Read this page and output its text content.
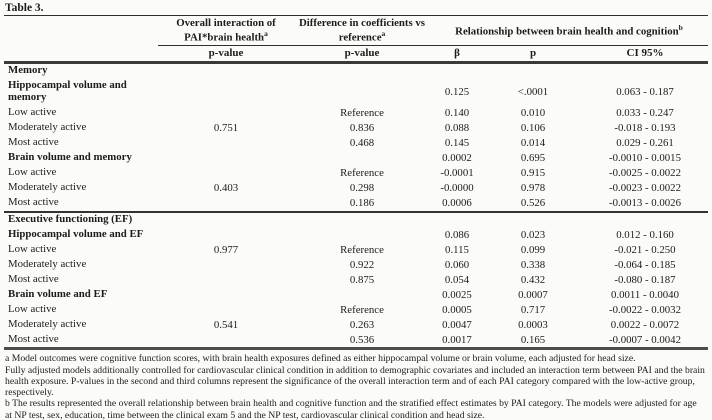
Table 3.
	Overall interaction of PAI*brain health$^a$	Difference in coefficients vs reference$^a$	Relationship between brain health and cognition$^b$
	p-value	p-value	β	p	CI 95%
Memory					
Hippocampal volume and memory			0.125	<.0001	0.063 - 0.187
Low active		Reference	0.140	0.010	0.033 - 0.247
Moderately active	0.751	0.836	0.088	0.106	-0.018 - 0.193
Most active		0.468	0.145	0.014	0.029 - 0.261
Brain volume and memory			0.0002	0.695	-0.0010 - 0.0015
Low active		Reference	-0.0001	0.915	-0.0025 - 0.0022
Moderately active	0.403	0.298	-0.0000	0.978	-0.0023 - 0.0022
Most active		0.186	0.0006	0.526	-0.0013 - 0.0026
Executive functioning (EF)					
Hippocampal volume and EF			0.086	0.023	0.012 - 0.160
Low active	0.977	Reference	0.115	0.099	-0.021 - 0.250
Moderately active		0.922	0.060	0.338	-0.064 - 0.185
Most active		0.875	0.054	0.432	-0.080 - 0.187
Brain volume and EF			0.0025	0.0007	0.0011 - 0.0040
Low active		Reference	0.0005	0.717	-0.0022 - 0.0032
Moderately active	0.541	0.263	0.0047	0.0003	0.0022 - 0.0072
Most active		0.536	0.0017	0.165	-0.0007 - 0.0042

a Model outcomes were cognitive function scores, with brain health exposures defined as either hippocampal volume or brain volume, each adjusted for head size.

Fully adjusted models additionally controlled for cardiovascular clinical condition in addition to demographic covariates and included an interaction term between PAI and the brain health exposure. P-values in the second and third columns represent the significance of the overall interaction term and of each PAI category compared with the low-active group, respectively.

b The results represented the overall relationship between brain health and cognitive function and the stratified effect estimates by PAI category. The models were adjusted for age at NP test, sex, education, time between the clinical exam 5 and the NP test, cardiovascular clinical condition and head size.
